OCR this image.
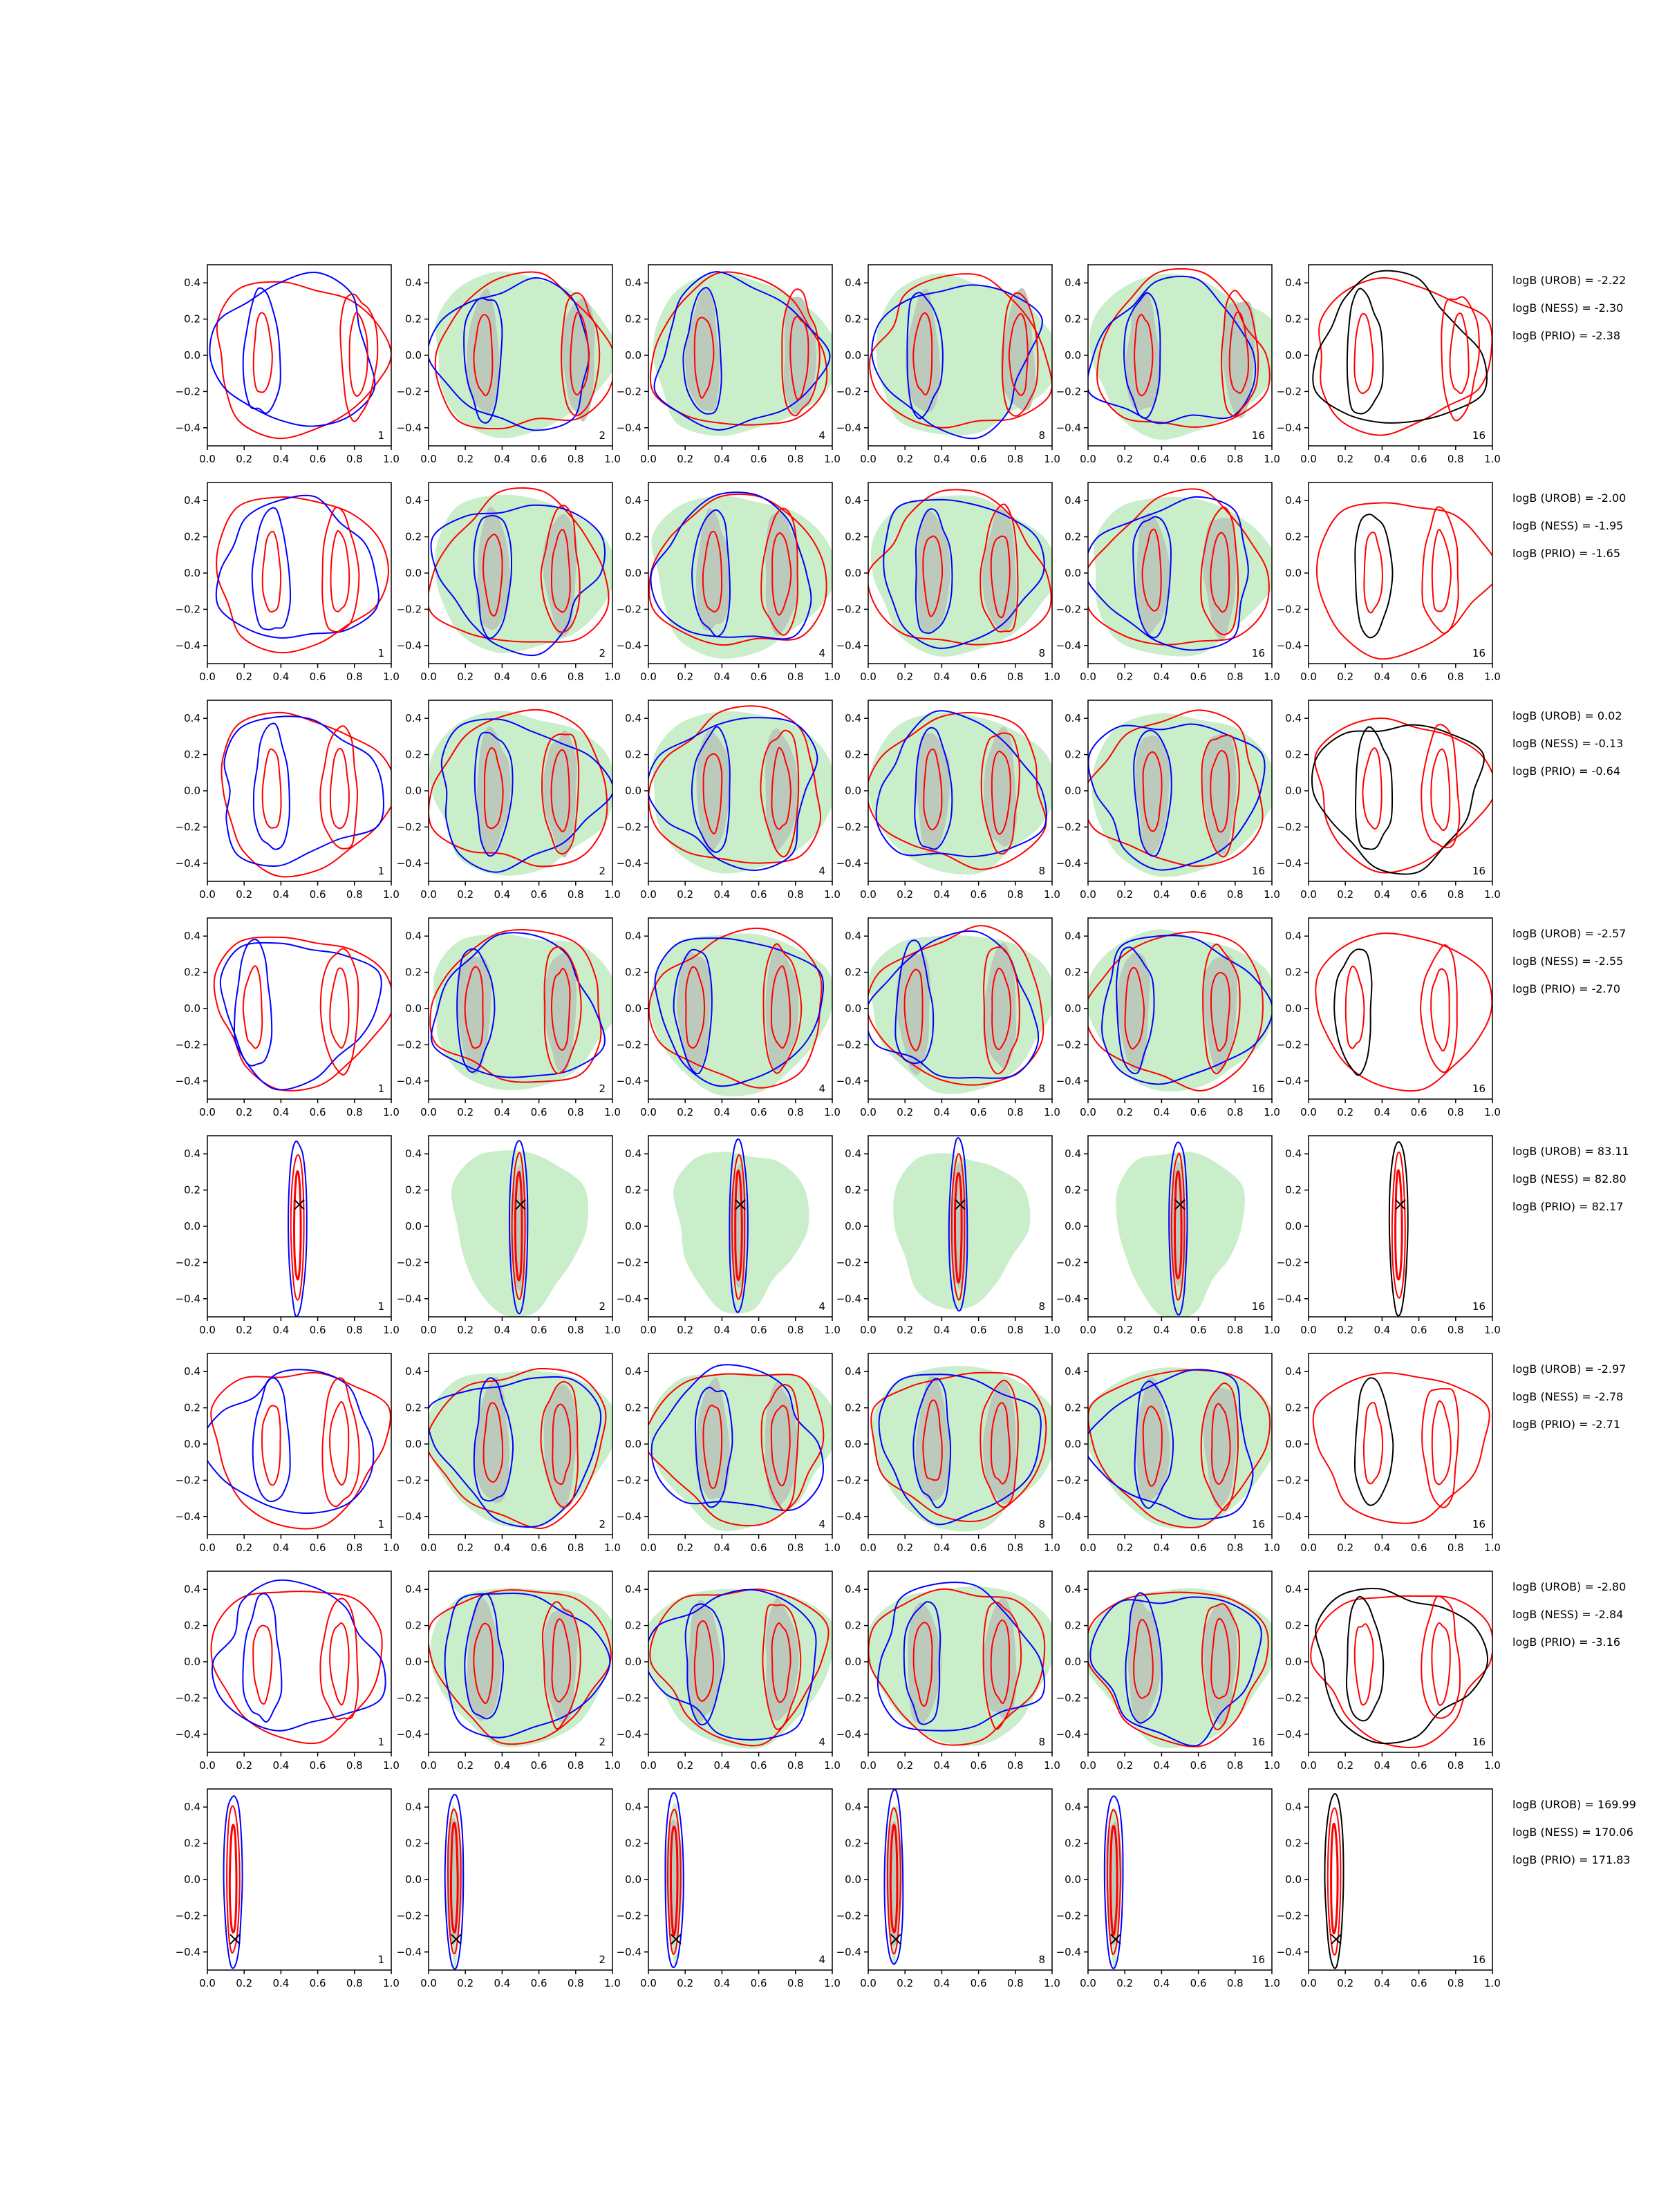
0.0 0.2 0.4 0.6 0.8 1.0
0.4
0.2
0.0
−0.2
−0.4
1
0.0 0.2 0.4 0.6 0.8 1.0
0.4
0.2
0.0
−0.2
−0.4
2
0.0 0.2 0.4 0.6 0.8 1.0
0.4
0.2
0.0
−0.2
−0.4
4
0.0 0.2 0.4 0.6 0.8 1.0
0.4
0.2
0.0
−0.2
−0.4
8
0.0 0.2 0.4 0.6 0.8 1.0
0.4
0.2
0.0
−0.2
−0.4
16
0.0 0.2 0.4 0.6 0.8 1.0
0.4
0.2
0.0
−0.2
−0.4
16
0.0 0.2 0.4 0.6 0.8 1.0
0.4
0.2
0.0
−0.2
−0.4
1
0.0 0.2 0.4 0.6 0.8 1.0
0.4
0.2
0.0
−0.2
−0.4
2
0.0 0.2 0.4 0.6 0.8 1.0
0.4
0.2
0.0
−0.2
−0.4
4
0.0 0.2 0.4 0.6 0.8 1.0
0.4
0.2
0.0
−0.2
−0.4
8
0.0 0.2 0.4 0.6 0.8 1.0
0.4
0.2
0.0
−0.2
−0.4
16
0.0 0.2 0.4 0.6 0.8 1.0
0.4
0.2
0.0
−0.2
−0.4
16
0.0 0.2 0.4 0.6 0.8 1.0
0.4
0.2
0.0
−0.2
−0.4
1
0.0 0.2 0.4 0.6 0.8 1.0
0.4
0.2
0.0
−0.2
−0.4
2
0.0 0.2 0.4 0.6 0.8 1.0
0.4
0.2
0.0
−0.2
−0.4
4
0.0 0.2 0.4 0.6 0.8 1.0
0.4
0.2
0.0
−0.2
−0.4
8
0.0 0.2 0.4 0.6 0.8 1.0
0.4
0.2
0.0
−0.2
−0.4
16
0.0 0.2 0.4 0.6 0.8 1.0
0.4
0.2
0.0
−0.2
−0.4
16
0.0 0.2 0.4 0.6 0.8 1.0
0.4
0.2
0.0
−0.2
−0.4
1
0.0 0.2 0.4 0.6 0.8 1.0
0.4
0.2
0.0
−0.2
−0.4
2
0.0 0.2 0.4 0.6 0.8 1.0
0.4
0.2
0.0
−0.2
−0.4
4
0.0 0.2 0.4 0.6 0.8 1.0
0.4
0.2
0.0
−0.2
−0.4
8
0.0 0.2 0.4 0.6 0.8 1.0
0.4
0.2
0.0
−0.2
−0.4
16
0.0 0.2 0.4 0.6 0.8 1.0
0.4
0.2
0.0
−0.2
−0.4
16
0.0 0.2 0.4 0.6 0.8 1.0
0.4
0.2
0.0
−0.2
−0.4
1
0.0 0.2 0.4 0.6 0.8 1.0
0.4
0.2
0.0
−0.2
−0.4
2
0.0 0.2 0.4 0.6 0.8 1.0
0.4
0.2
0.0
−0.2
−0.4
4
0.0 0.2 0.4 0.6 0.8 1.0
0.4
0.2
0.0
−0.2
−0.4
8
0.0 0.2 0.4 0.6 0.8 1.0
0.4
0.2
0.0
−0.2
−0.4
16
0.0 0.2 0.4 0.6 0.8 1.0
0.4
0.2
0.0
−0.2
−0.4
16
0.0 0.2 0.4 0.6 0.8 1.0
0.4
0.2
0.0
−0.2
−0.4
1
0.0 0.2 0.4 0.6 0.8 1.0
0.4
0.2
0.0
−0.2
−0.4
2
0.0 0.2 0.4 0.6 0.8 1.0
0.4
0.2
0.0
−0.2
−0.4
4
0.0 0.2 0.4 0.6 0.8 1.0
0.4
0.2
0.0
−0.2
−0.4
8
0.0 0.2 0.4 0.6 0.8 1.0
0.4
0.2
0.0
−0.2
−0.4
16
0.0 0.2 0.4 0.6 0.8 1.0
0.4
0.2
0.0
−0.2
−0.4
16
0.0 0.2 0.4 0.6 0.8 1.0
0.4
0.2
0.0
−0.2
−0.4
1
0.0 0.2 0.4 0.6 0.8 1.0
0.4
0.2
0.0
−0.2
−0.4
2
0.0 0.2 0.4 0.6 0.8 1.0
0.4
0.2
0.0
−0.2
−0.4
4
0.0 0.2 0.4 0.6 0.8 1.0
0.4
0.2
0.0
−0.2
−0.4
8
0.0 0.2 0.4 0.6 0.8 1.0
0.4
0.2
0.0
−0.2
−0.4
16
0.0 0.2 0.4 0.6 0.8 1.0
0.4
0.2
0.0
−0.2
−0.4
16
0.0 0.2 0.4 0.6 0.8 1.0
0.4
0.2
0.0
−0.2
−0.4
1
0.0 0.2 0.4 0.6 0.8 1.0
0.4
0.2
0.0
−0.2
−0.4
2
0.0 0.2 0.4 0.6 0.8 1.0
0.4
0.2
0.0
−0.2
−0.4
4
0.0 0.2 0.4 0.6 0.8 1.0
0.4
0.2
0.0
−0.2
−0.4
8
0.0 0.2 0.4 0.6 0.8 1.0
0.4
0.2
0.0
−0.2
−0.4
16
0.0 0.2 0.4 0.6 0.8 1.0
0.4
0.2
0.0
−0.2
−0.4
16
logB (UROB) = -2.22
logB (NESS) = -2.30
logB (PRIO) = -2.38
logB (UROB) = -2.00
logB (NESS) = -1.95
logB (PRIO) = -1.65
logB (UROB) = 0.02
logB (NESS) = -0.13
logB (PRIO) = -0.64
logB (UROB) = -2.57
logB (NESS) = -2.55
logB (PRIO) = -2.70
logB (UROB) = 83.11
logB (NESS) = 82.80
logB (PRIO) = 82.17
logB (UROB) = -2.97
logB (NESS) = -2.78
logB (PRIO) = -2.71
logB (UROB) = -2.80
logB (NESS) = -2.84
logB (PRIO) = -3.16
logB (UROB) = 169.99
logB (NESS) = 170.06
logB (PRIO) = 171.83
